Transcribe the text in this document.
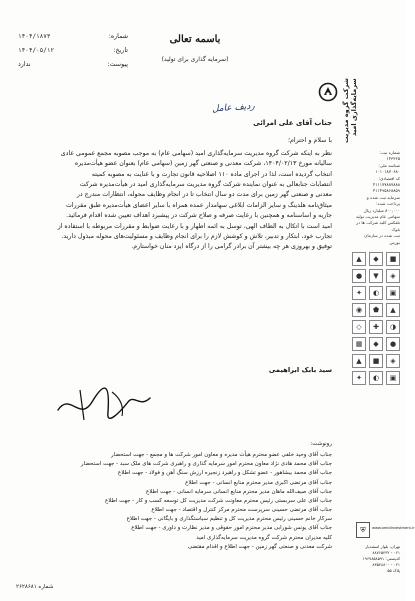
شماره:
۱۴۰۴/۱۸۷۳
تاریخ:
۱۴۰۴/۰۵/۱۲
پیوست:
ندارد
باسمه تعالی
(سرمایه گذاری برای تولید)
شرکت گروه مدیریت سرمایه‌گذاری امید
ردیف عامل
شماره ثبت:
۱۴۳۳۶۵
شناسه ملی: ۱۰۱۰۱۸۷۰۶۸۰
کد اقتصادی: ۴۱۱۱۷۷۸۸۷۸۸۸
۴۱۱۴۹۵۸۶۸۸۵۹
سرمایه ثبت شده و پرداخت شده:
۸۰۰,۰۰۰ میلیارد ریال
سهامی عام مدیریت تولید
تلفکس کلیه شرکت ها در بلوک
ثبت شده در سازمان بورس
▲	◆	■
●	▼	◈
✦	◐	▣
◉	⬟	▲
◇	✚	◑
▦	◆	●
▲	■	◈
✦	◐	▣
⛨	www.omidinvestment.ir
تهران، بلوار اسفندیار
۰۲۱ - ۸۸۷۶۵۴۳۲
کدپستی: ۱۹۶۷۸۵۸۵۹۱
۰۲۱ - ۸۳۵۴۸۸۰۰
پلاک ۵۵
جناب آقای علی امرائی
با سلام و احترام؛

نظر به اینکه شرکت گروه مدیریت سرمایه‌گذاری امید (سهامی عام) به موجب مصوبه مجمع عمومی عادی

سالیانه مورخ ۱۴۰۴/۰۲/۱۳، شرکت معدنی و صنعتی گهر زمین (سهامی عام) بعنوان عضو هیأت‌مدیره

انتخاب گردیده است، لذا در اجرای ماده ۱۱۰ اصلاحیه قانون تجارت و با عنایت به مصوبه کمیته

انتصابات جنابعالی به عنوان نماینده شرکت گروه مدیریت سرمایه‌گذاری امید در هیأت‌مدیره شرکت

معدنی و صنعتی گهر زمین برای مدت دو سال انتخاب تا در انجام وظایف محوله، انتظارات مندرج در

میثاق‌نامه هلدینگ و سایر الزامات ابلاغی سهامدار عمده همراه با سایر اعضای هیأت‌مدیره طبق مقررات

جاریه و اساسنامه و همچنین با رعایت صرفه و صلاح شرکت در پیشبرد اهداف تعیین شده اقدام فرمائید.

امید است با اتکال به الطاف الهی، توسل به ائمه اطهار و با رعایت ضوابط و مقررات مربوطه با استفاده از

تجارب خود، ابتکار و تدبیر، تلاش و کوشش لازم را برای انجام وظایف و مسئولیت‌های محوله مبذول دارید.

توفیق و بهروزی هر چه بیشتر آن برادر گرامی را از درگاه ایزد منان خواستارم.

سید بابک ابراهیمی
رونوشت:
جناب آقای وحید خلفی عضو محترم هیأت مدیره و معاون امور شرکت ها و مجمع - جهت استحضار
جناب آقای محمد هادی نژاد معاون محترم امور سرمایه گذاری و راهبری شرکت های ملک سبد - جهت استحضار
جناب آقای محمد بیشاهور - عضو تشکل و راهبرد زنجیره ارزش سنگ آهن و فولاد - جهت اطلاع
جناب آقای مرتضی اکبری مدیر محترم منابع انسانی - جهت اطلاع
جناب آقای صیف‌الله ماهان مدیر محترم منابع انسانی سرمایه انسانی - جهت اطلاع
جناب آقای علی سربستی رئیس محترم معاونت شرکت مدیریت کل توسعه کسب و کار - جهت اطلاع
جناب آقای مرتضی حسینی سرپرست محترم مرکز کنترل و اقتصاد - جهت اطلاع
سرکار خانم حسینی رئیس محترم مدیریت کل و تنظیم سیاستگذاری و بایگانی - جهت اطلاع
جناب آقای یونس شورابی مدیر محترم امور حقوقی و مدیر نظارت و داوری - جهت اطلاع
کلیه مدیران محترم شرکت گروه مدیریت سرمایه‌گذاری امید
شرکت معدنی و صنعتی گهر زمین - جهت اطلاع و اقدام مقتضی
شماره ۲۶۲۸۶۸۱
